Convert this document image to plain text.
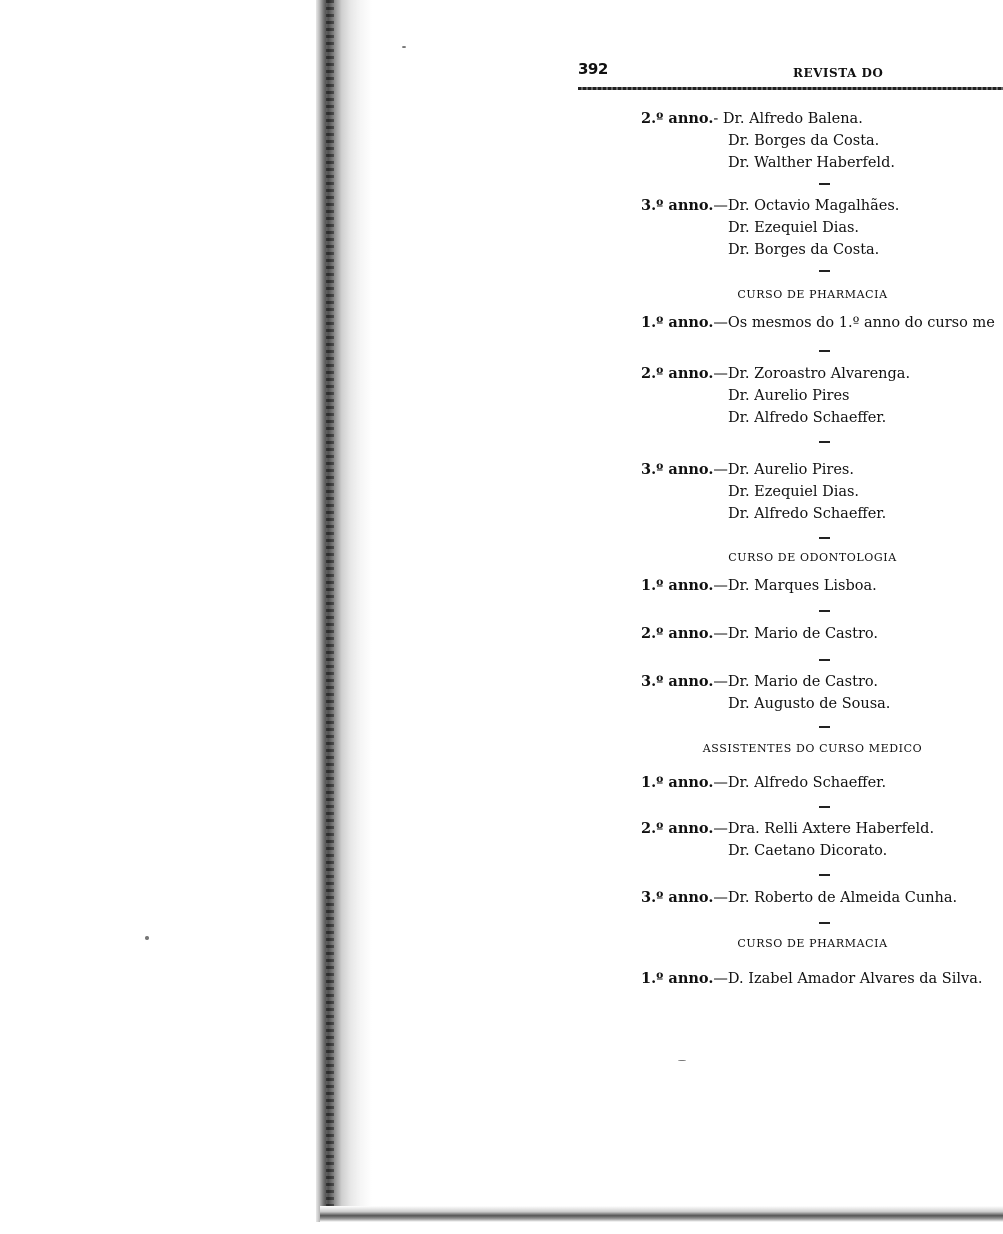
392	REVISTA DO
2.º anno.- Dr. Alfredo Balena.
Dr. Borges da Costa.
Dr. Walther Haberfeld.
3.º anno.—Dr. Octavio Magalhães.
Dr. Ezequiel Dias.
Dr. Borges da Costa.
CURSO DE PHARMACIA
1.º anno.—Os mesmos do 1.º anno do curso me
2.º anno.—Dr. Zoroastro Alvarenga.
Dr. Aurelio Pires
Dr. Alfredo Schaeffer.
3.º anno.—Dr. Aurelio Pires.
Dr. Ezequiel Dias.
Dr. Alfredo Schaeffer.
CURSO DE ODONTOLOGIA
1.º anno.—Dr. Marques Lisboa.
2.º anno.—Dr. Mario de Castro.
3.º anno.—Dr. Mario de Castro.
Dr. Augusto de Sousa.
ASSISTENTES DO CURSO MEDICO
1.º anno.—Dr. Alfredo Schaeffer.
2.º anno.—Dra. Relli Axtere Haberfeld.
Dr. Caetano Dicorato.
3.º anno.—Dr. Roberto de Almeida Cunha.
CURSO DE PHARMACIA
1.º anno.—D. Izabel Amador Alvares da Silva.
